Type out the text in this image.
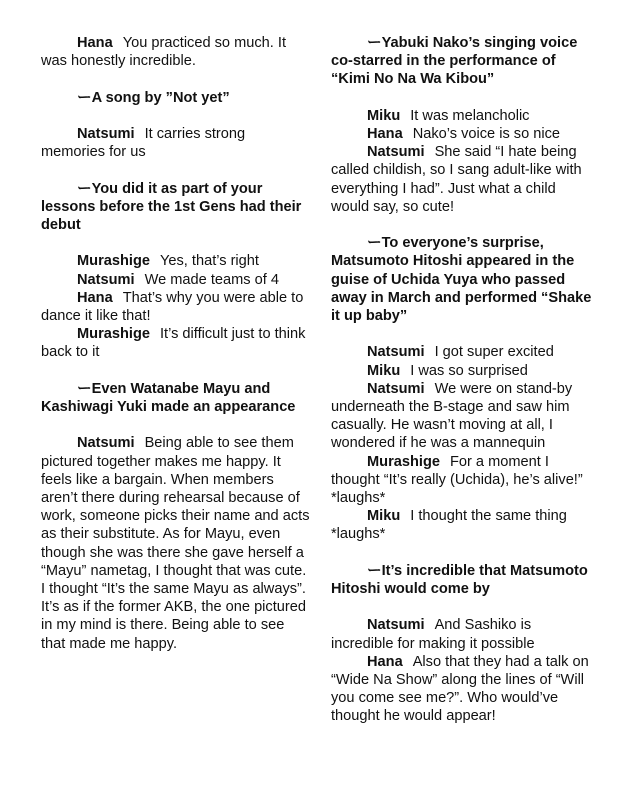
Hana You practiced so much. It was honestly incredible.

ーA song by ”Not yet”

Natsumi It carries strong memories for us

ーYou did it as part of your lessons before the 1st Gens had their debut

Murashige Yes, that’s right

Natsumi We made teams of 4

Hana That’s why you were able to dance it like that!

Murashige It’s difficult just to think back to it

ーEven Watanabe Mayu and Kashiwagi Yuki made an appearance

Natsumi Being able to see them pictured together makes me happy. It feels like a bargain. When members aren’t there during rehearsal because of work, someone picks their name and acts as their substitute. As for Mayu, even though she was there she gave herself a “Mayu” nametag, I thought that was cute. I thought “It’s the same Mayu as always”. It’s as if the former AKB, the one pictured in my mind is there. Being able to see that made me happy.

ーYabuki Nako’s singing voice co-starred in the performance of “Kimi No Na Wa Kibou”

Miku It was melancholic

Hana Nako’s voice is so nice

Natsumi She said “I hate being called childish, so I sang adult-like with everything I had”. Just what a child would say, so cute!

ーTo everyone’s surprise, Matsumoto Hitoshi appeared in the guise of Uchida Yuya who passed away in March and performed “Shake it up baby”

Natsumi I got super excited

Miku I was so surprised

Natsumi We were on stand-by underneath the B-stage and saw him casually. He wasn’t moving at all, I wondered if he was a mannequin

Murashige For a moment I thought “It’s really (Uchida), he’s alive!” *laughs*

Miku I thought the same thing *laughs*

ーIt’s incredible that Matsumoto Hitoshi would come by

Natsumi And Sashiko is incredible for making it possible

Hana Also that they had a talk on “Wide Na Show” along the lines of “Will you come see me?”. Who would’ve thought he would appear!
